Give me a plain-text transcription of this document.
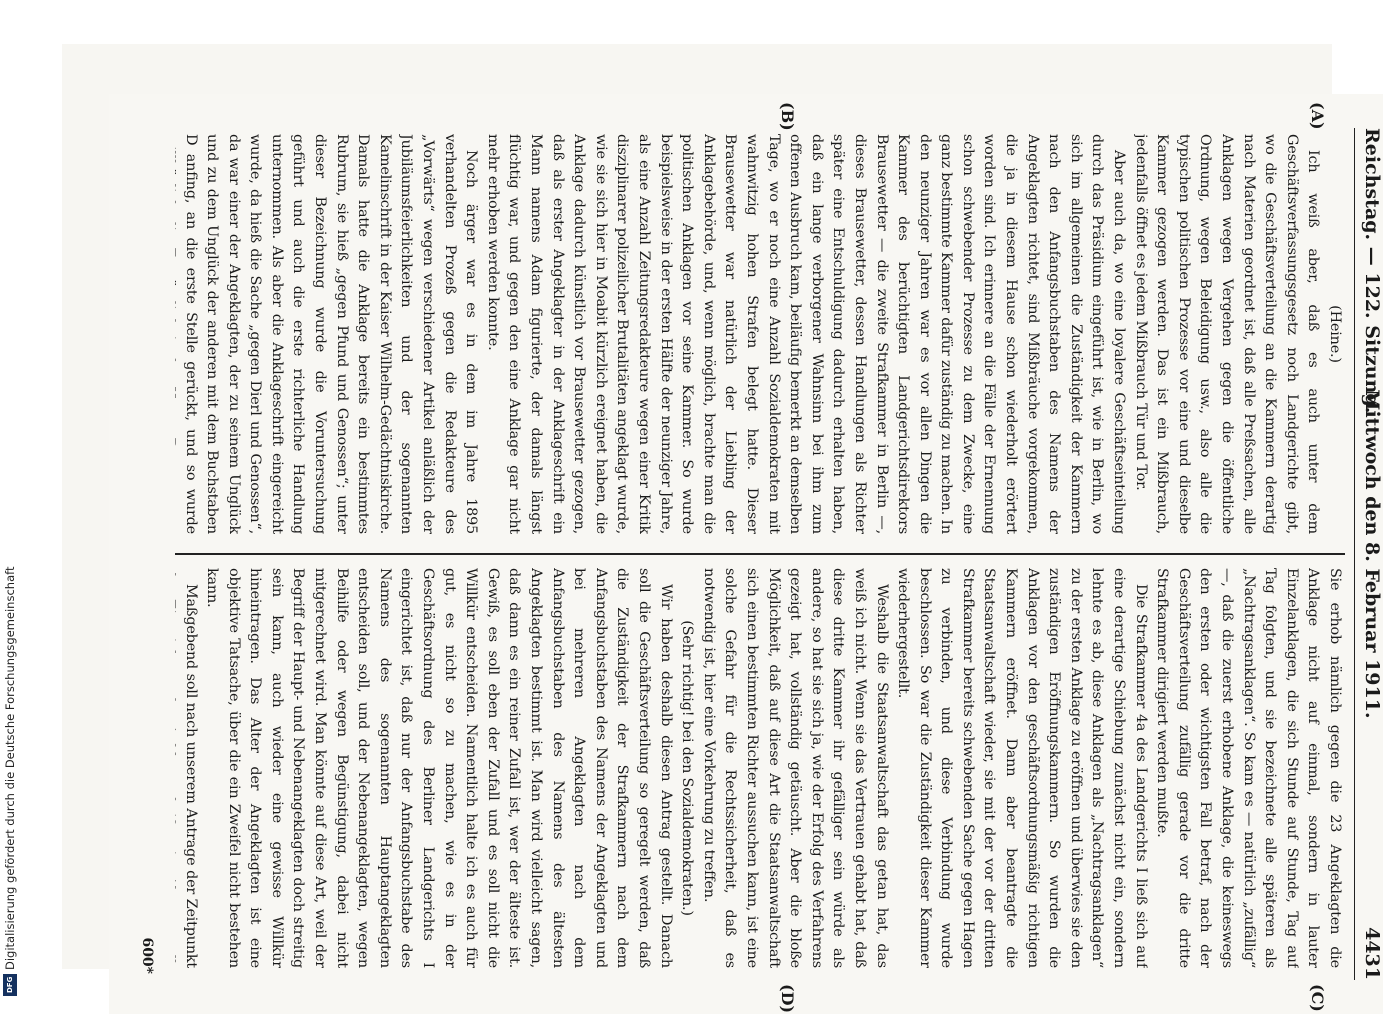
Reichstag. — 122. Sitzung.
Mittwoch den 8. Februar 1911.
4431
(A)
(B)
(C)
(D)

(Heine.)

Ich weiß aber, daß es auch unter dem Geschäftsverfassungsgesetz noch Landgerichte gibt, wo die Geschäftsverteilung an die Kammern derartig nach Materien geordnet ist, daß alle Preßsachen, alle Anklagen wegen Vergehen gegen die öffentliche Ordnung, wegen Beleidigung usw., also alle die typischen politischen Prozesse vor eine und dieselbe Kammer gezogen werden. Das ist ein Mißbrauch, jedenfalls öffnet es jedem Mißbrauch Tür und Tor.

Aber auch da, wo eine loyalere Geschäftseinteilung durch das Präsidium eingeführt ist, wie in Berlin, wo sich im allgemeinen die Zuständigkeit der Kammern nach den Anfangsbuchstaben des Namens der Angeklagten richtet, sind Mißbräuche vorgekommen, die ja in diesem Hause schon wiederholt erörtert worden sind. Ich erinnere an die Fälle der Ernennung schon schwebender Prozesse zu dem Zwecke, eine ganz bestimmte Kammer dafür zuständig zu machen. In den neunziger Jahren war es vor allen Dingen die Kammer des berüchtigten Landgerichtsdirektors Brausewetter — die zweite Strafkammer in Berlin —, dieses Brausewetter, dessen Handlungen als Richter später eine Entschuldigung dadurch erhalten haben, daß ein lange verborgener Wahnsinn bei ihm zum offenen Ausbruch kam, beiläufig bemerkt an demselben Tage, wo er noch eine Anzahl Sozialdemokraten mit wahnwitzig hohen Strafen belegt hatte. Dieser Brausewetter war natürlich der Liebling der Anklagebehörde, und, wenn möglich, brachte man die politischen Anklagen vor seine Kammer. So wurde beispielsweise in der ersten Hälfte der neunziger Jahre, als eine Anzahl Zeitungsredakteure wegen einer Kritik disziplinarer polizeilicher Brutalitäten angeklagt wurde, wie sie sich hier in Moabit kürzlich ereignet haben, die Anklage dadurch künstlich vor Brausewetter gezogen, daß als erster Angeklagter in der Anklageschrift ein Mann namens Adam figurierte, der damals längst flüchtig war, und gegen den eine Anklage gar nicht mehr erhoben werden konnte.

Noch ärger war es in dem im Jahre 1895 verhandelten Prozeß gegen die Redakteure des „Vorwärts“ wegen verschiedener Artikel anläßlich der Jubiläumsfeierlichkeiten und der sogenannten Kamelinschrift in der Kaiser Wilhelm-Gedächtniskirche. Damals hatte die Anklage bereits ein bestimmtes Rubrum, sie hieß „gegen Pfund und Genossen“; unter dieser Bezeichnung wurde die Voruntersuchung geführt und auch die erste richterliche Handlung unternommen. Als aber die Anklageschrift eingereicht wurde, da hieß die Sache „gegen Dierl und Genossen“, da war einer der Angeklagten, der zu seinem Unglück und zu dem Unglück der anderen mit dem Buchstaben D anfing, an die erste Stelle gerückt, und so wurde

Sie erhob nämlich gegen die 23 Angeklagten die Anklage nicht auf einmal, sondern in lauter Einzelanklagen, die sich Stunde auf Stunde, Tag auf Tag folgten, und sie bezeichnete alle späteren als „Nachtragsanklagen“. So kam es — natürlich „zufällig“ —, daß die zuerst erhobene Anklage, die keineswegs den ersten oder wichtigsten Fall betraf, nach der Geschäftsverteilung zufällig gerade vor die dritte Strafkammer dirigiert werden mußte.

Die Strafkammer 4a des Landgerichts I ließ sich auf eine derartige Schiebung zunächst nicht ein, sondern lehnte es ab, diese Anklagen als „Nachtragsanklagen“ zu der ersten Anklage zu eröffnen und überwies sie den zuständigen Eröffnungskammern. So wurden die Anklagen vor den geschäftsordnungsmäßig richtigen Kammern eröffnet. Dann aber beantragte die Staatsanwaltschaft wieder, sie mit der vor der dritten Strafkammer bereits schwebenden Sache gegen Hagen zu verbinden, und diese Verbindung wurde beschlossen. So war die Zuständigkeit dieser Kammer wiederhergestellt.

Weshalb die Staatsanwaltschaft das getan hat, das weiß ich nicht. Wenn sie das Vertrauen gehabt hat, daß diese dritte Kammer ihr gefälliger sein würde als andere, so hat sie sich ja, wie der Erfolg des Verfahrens gezeigt hat, vollständig getäuscht. Aber die bloße Möglichkeit, daß auf diese Art die Staatsanwaltschaft sich einen bestimmten Richter aussuchen kann, ist eine solche Gefahr für die Rechtssicherheit, daß es notwendig ist, hier eine Vorkehrung zu treffen.

(Sehr richtig! bei den Sozialdemokraten.)

Wir haben deshalb diesen Antrag gestellt. Danach soll die Geschäftsverteilung so geregelt werden, daß die Zuständigkeit der Strafkammern nach dem Anfangsbuchstaben des Namens der Angeklagten und bei mehreren Angeklagten nach dem Anfangsbuchstaben des Namens des ältesten Angeklagten bestimmt ist. Man wird vielleicht sagen, daß dann es ein reiner Zufall ist, wer der älteste ist. Gewiß, es soll eben der Zufall und es soll nicht die Willkür entscheiden. Namentlich halte ich es auch für gut, es nicht so zu machen, wie es in der Geschäftsordnung des Berliner Landgerichts I eingerichtet ist, daß nur der Anfangsbuchstabe des Namens des sogenannten Hauptangeklagten entscheiden soll, und der Nebenangeklagten, wegen Beihilfe oder wegen Begünstigung, dabei nicht mitgerechnet wird. Man könnte auf diese Art, weil der Begriff der Haupt- und Nebenangeklagten doch streitig sein kann, auch wieder eine gewisse Willkür hineintragen. Das Alter der Angeklagten ist eine objektive Tatsache, über die ein Zweifel nicht bestehen kann.

Maßgebend soll nach unserem Antrage der Zeitpunkt

600*
Digitalisierung gefördert durch die Deutsche Forschungsgemeinschaft
DFG
